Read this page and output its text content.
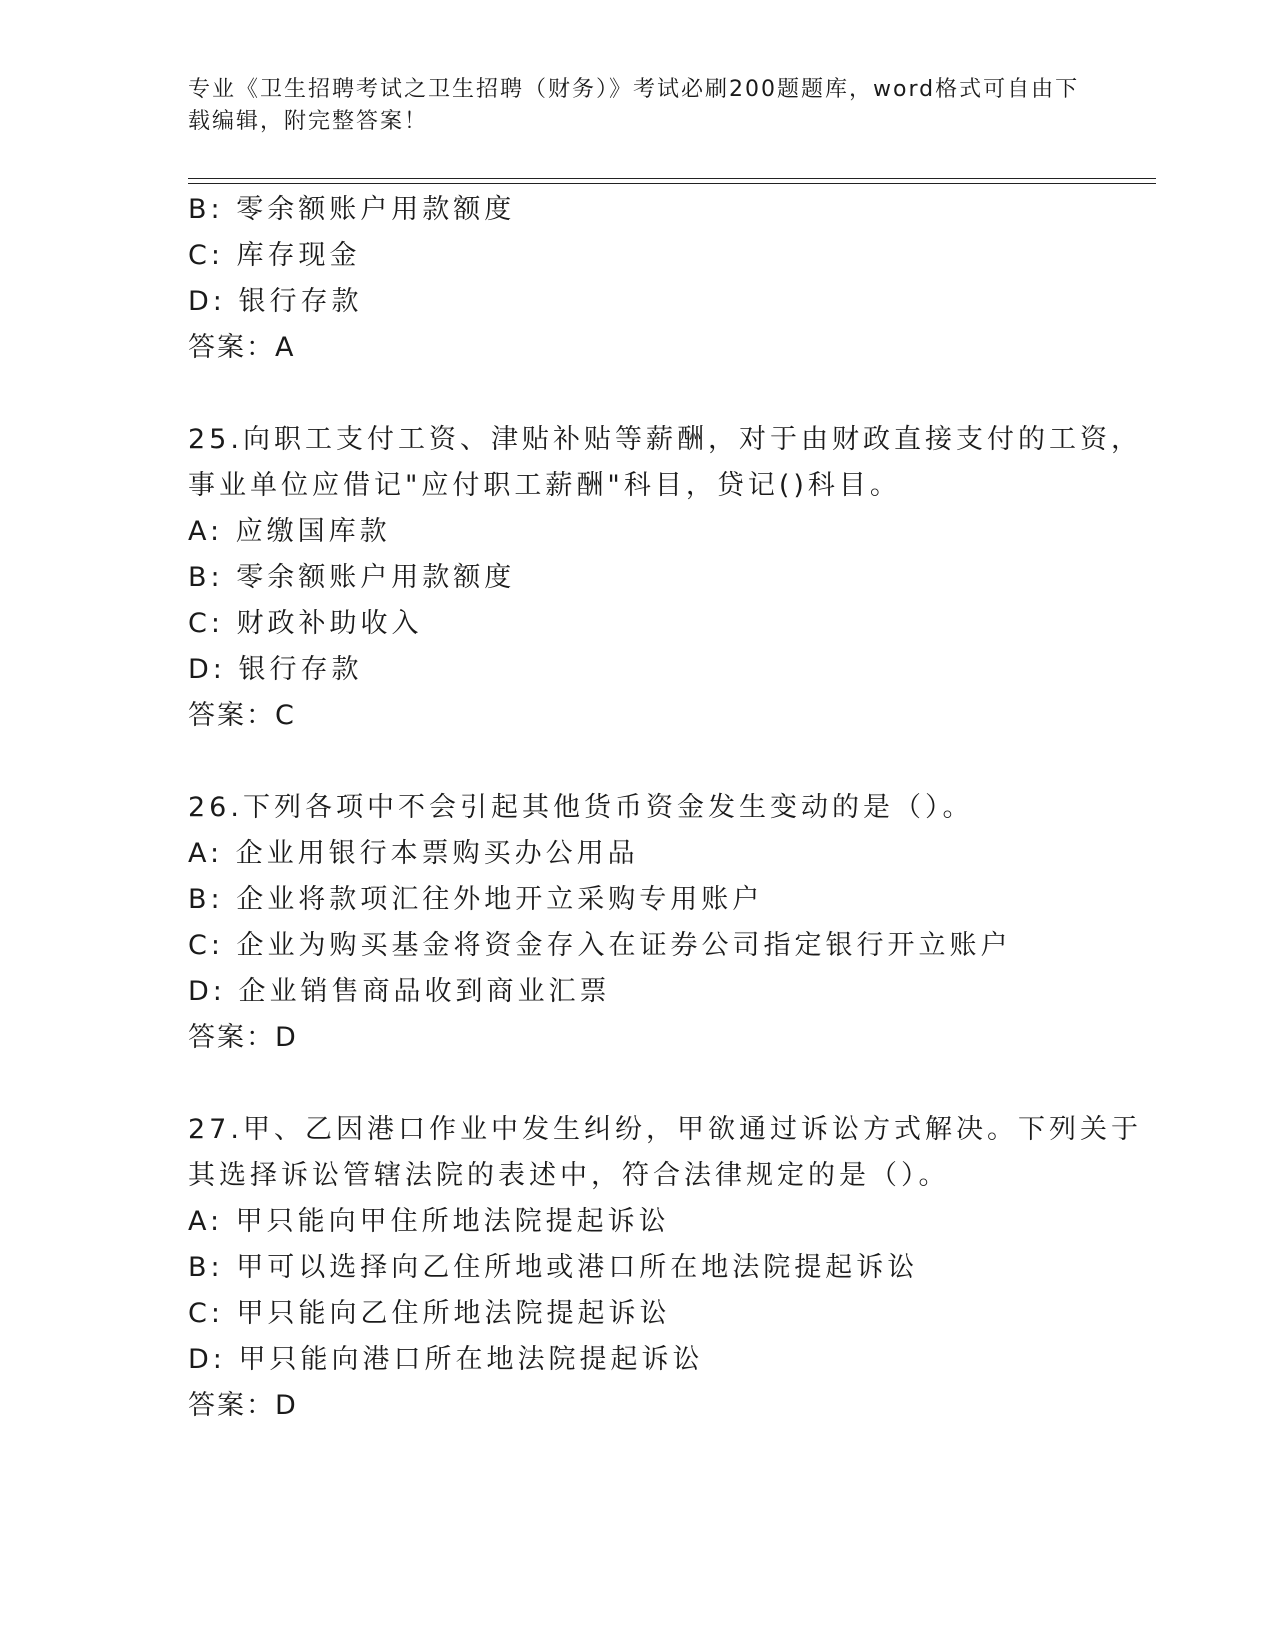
专业《卫生招聘考试之卫生招聘（财务）》考试必刷200题题库，word格式可自由下载编辑，附完整答案！
B: 零余额账户用款额度
C: 库存现金
D: 银行存款
答案：A
25.向职工支付工资、津贴补贴等薪酬，对于由财政直接支付的工资，
事业单位应借记"应付职工薪酬"科目，贷记()科目。
A: 应缴国库款
B: 零余额账户用款额度
C: 财政补助收入
D: 银行存款
答案：C
26.下列各项中不会引起其他货币资金发生变动的是（）。
A: 企业用银行本票购买办公用品
B: 企业将款项汇往外地开立采购专用账户
C: 企业为购买基金将资金存入在证券公司指定银行开立账户
D: 企业销售商品收到商业汇票
答案：D
27.甲、乙因港口作业中发生纠纷，甲欲通过诉讼方式解决。下列关于
其选择诉讼管辖法院的表述中，符合法律规定的是（）。
A: 甲只能向甲住所地法院提起诉讼
B: 甲可以选择向乙住所地或港口所在地法院提起诉讼
C: 甲只能向乙住所地法院提起诉讼
D: 甲只能向港口所在地法院提起诉讼
答案：D
